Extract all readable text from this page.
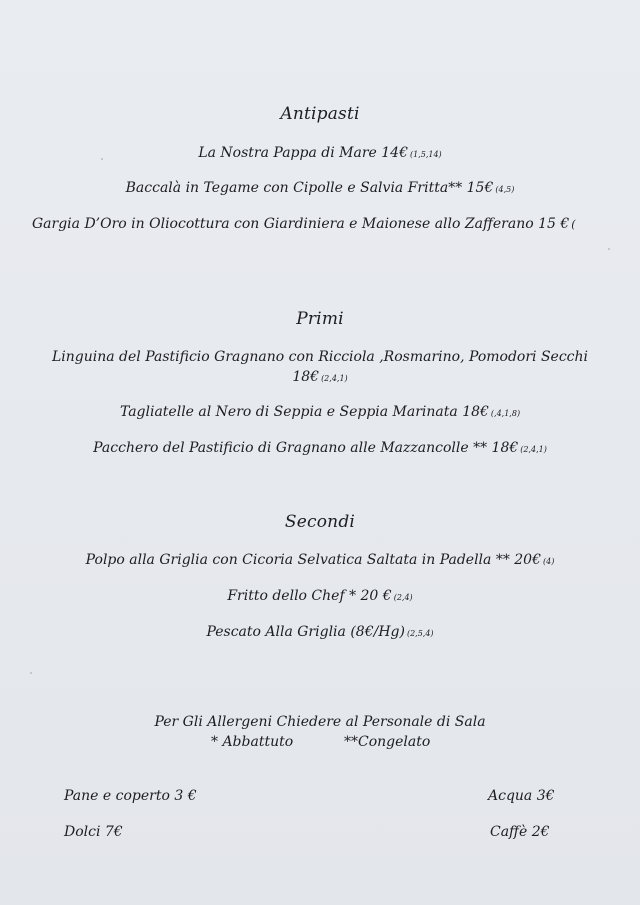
Antipasti
La Nostra Pappa di Mare 14€ (1,5,14)
Baccalà in Tegame con Cipolle e Salvia Fritta** 15€ (4,5)
Gargia D’Oro in Oliocottura con Giardiniera e Maionese allo Zafferano 15 € (
Primi
Linguina del Pastificio Gragnano con Ricciola ,Rosmarino, Pomodori Secchi
18€ (2,4,1)
Tagliatelle al Nero di Seppia e Seppia Marinata 18€ (,4,1,8)
Pacchero del Pastificio di Gragnano alle Mazzancolle ** 18€ (2,4,1)
Secondi
Polpo alla Griglia con Cicoria Selvatica Saltata in Padella ** 20€ (4)
Fritto dello Chef * 20 € (2,4)
Pescato Alla Griglia (8€/Hg) (2,5,4)
Per Gli Allergeni Chiedere al Personale di Sala
* Abbattuto	**Congelato
Pane e coperto 3 €	Acqua 3€
Dolci 7€	Caffè 2€
